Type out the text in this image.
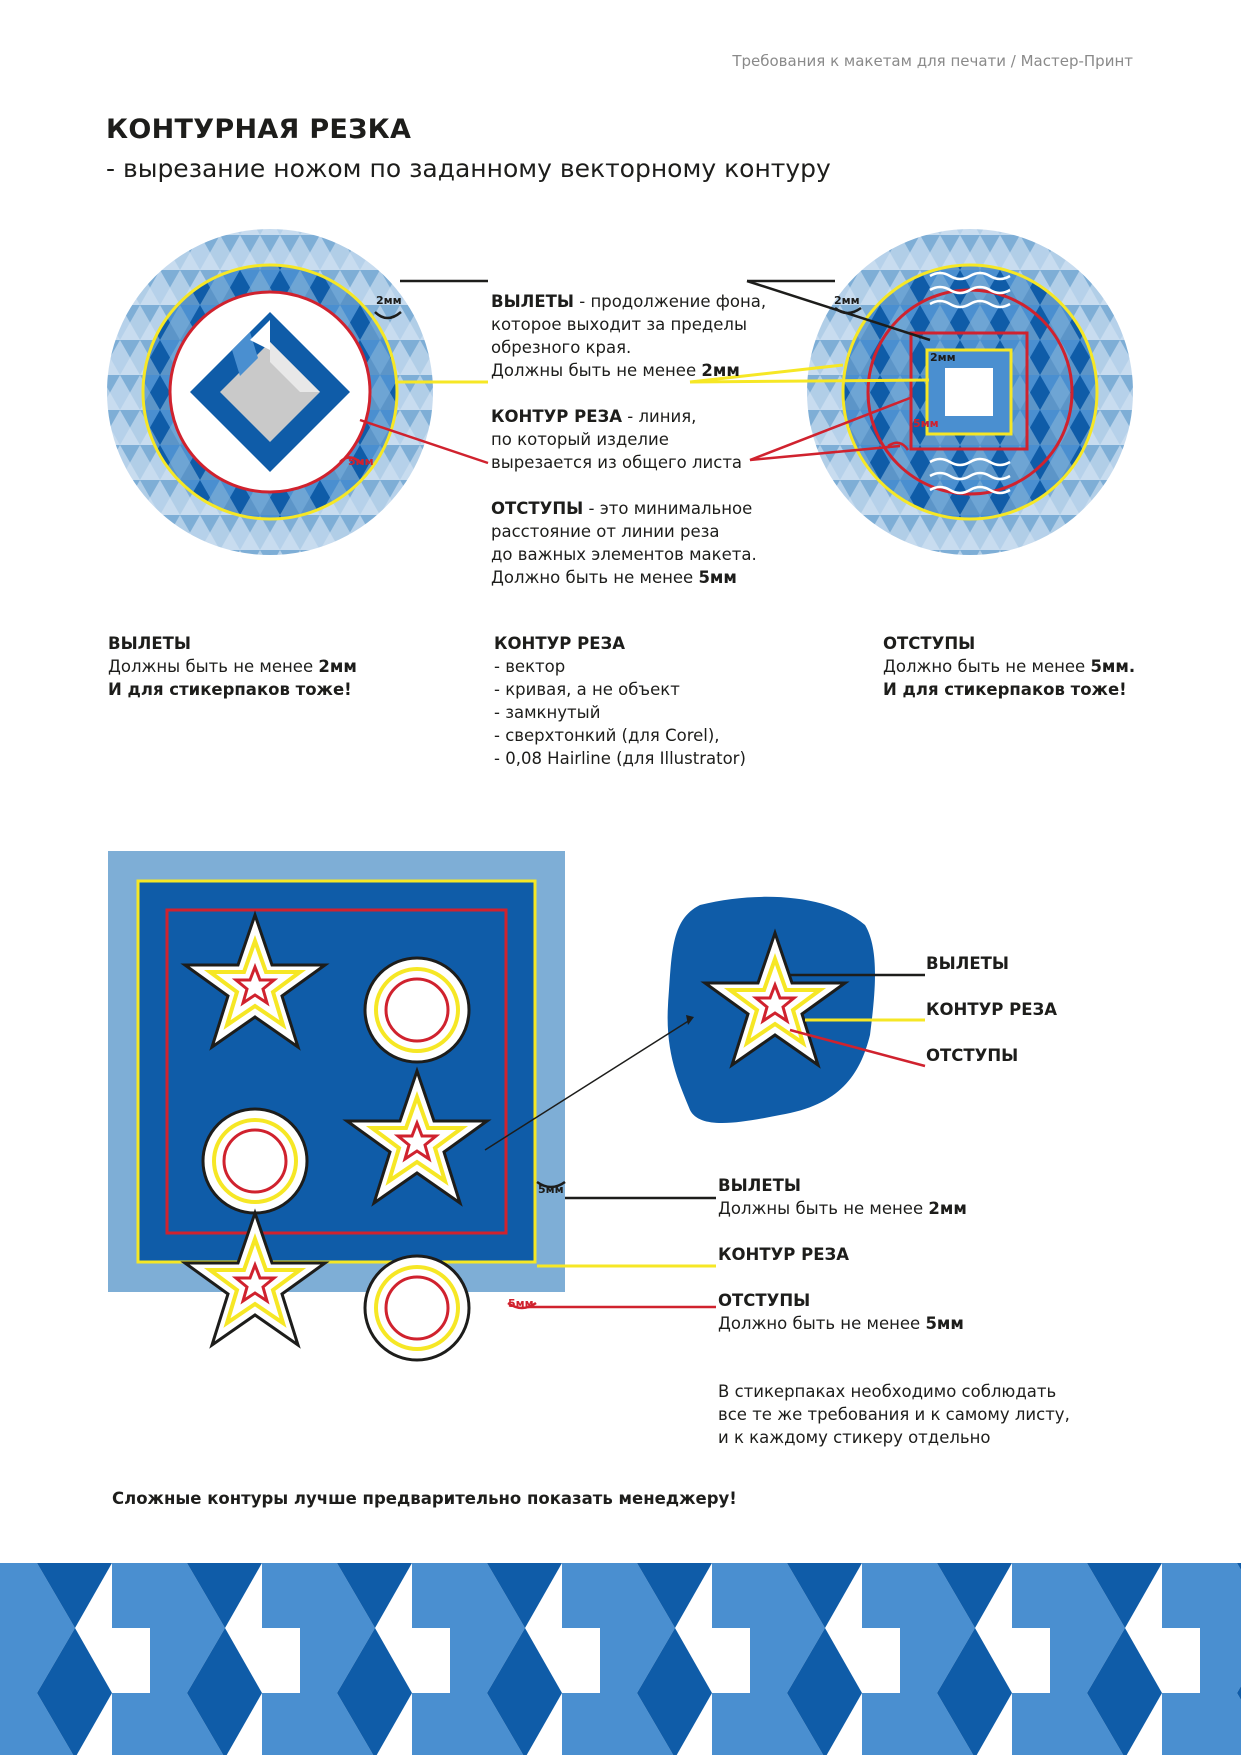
Требования к макетам для печати / Мастер-Принт
КОНТУРНАЯ РЕЗКА
- вырезание ножом по заданному векторному контуру
2мм	2мм
2мм
5мм
5мм
ВЫЛЕТЫ - продолжение фона,
которое выходит за пределы
обрезного края.
Должны быть не менее 2мм
КОНТУР РЕЗА - линия,
по который изделие
вырезается из общего листа
ОТСТУПЫ - это минимальное
расстояние от линии реза
до важных элементов макета.
Должно быть не менее 5мм
ВЫЛЕТЫ
Должны быть не менее 2мм
И для стикерпаков тоже!
КОНТУР РЕЗА
- вектор
- кривая, а не объект
- замкнутый
- сверхтонкий (для Corel),
- 0,08 Hairline (для Illustrator)
ОТСТУПЫ
Должно быть не менее 5мм.
И для стикерпаков тоже!
5мм
5мм
ВЫЛЕТЫ
КОНТУР РЕЗА
ОТСТУПЫ
ВЫЛЕТЫ
Должны быть не менее 2мм
КОНТУР РЕЗА
ОТСТУПЫ
Должно быть не менее 5мм
В стикерпаках необходимо соблюдать
все те же требования и к самому листу,
и к каждому стикеру отдельно
Сложные контуры лучше предварительно показать менеджеру!
